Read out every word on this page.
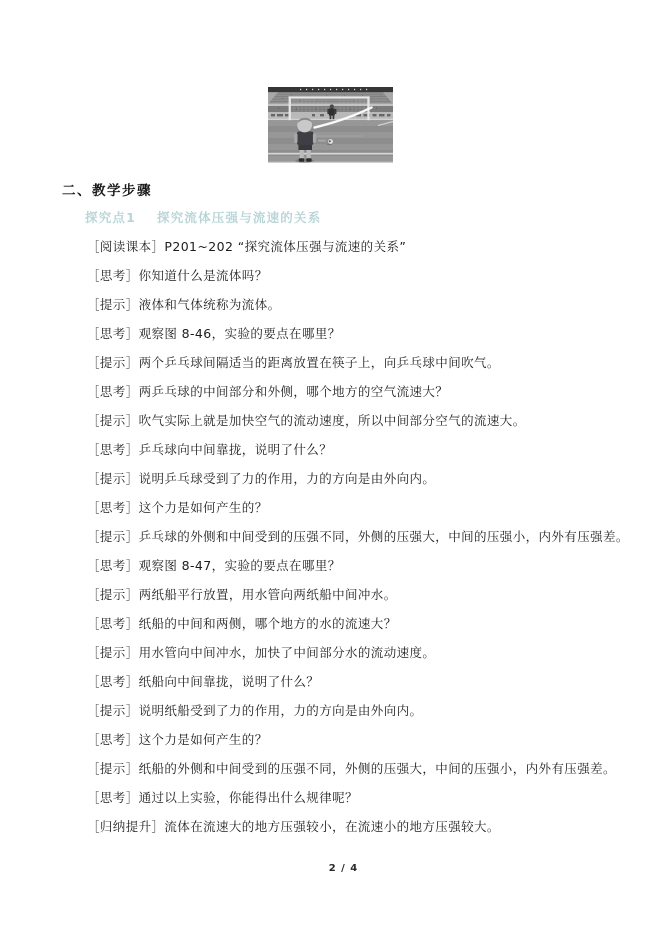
二、教学步骤
探究点1 探究流体压强与流速的关系
［阅读课本］P201~202 “探究流体压强与流速的关系”
［思考］你知道什么是流体吗？
［提示］液体和气体统称为流体。
［思考］观察图 8-46，实验的要点在哪里？
［提示］两个乒乓球间隔适当的距离放置在筷子上，向乒乓球中间吹气。
［思考］两乒乓球的中间部分和外侧，哪个地方的空气流速大？
［提示］吹气实际上就是加快空气的流动速度，所以中间部分空气的流速大。
［思考］乒乓球向中间靠拢，说明了什么？
［提示］说明乒乓球受到了力的作用，力的方向是由外向内。
［思考］这个力是如何产生的？
［提示］乒乓球的外侧和中间受到的压强不同，外侧的压强大，中间的压强小，内外有压强差。
［思考］观察图 8-47，实验的要点在哪里？
［提示］两纸船平行放置，用水管向两纸船中间冲水。
［思考］纸船的中间和两侧，哪个地方的水的流速大？
［提示］用水管向中间冲水，加快了中间部分水的流动速度。
［思考］纸船向中间靠拢，说明了什么？
［提示］说明纸船受到了力的作用，力的方向是由外向内。
［思考］这个力是如何产生的？
［提示］纸船的外侧和中间受到的压强不同，外侧的压强大，中间的压强小，内外有压强差。
［思考］通过以上实验，你能得出什么规律呢？
［归纳提升］流体在流速大的地方压强较小，在流速小的地方压强较大。
2 / 4
